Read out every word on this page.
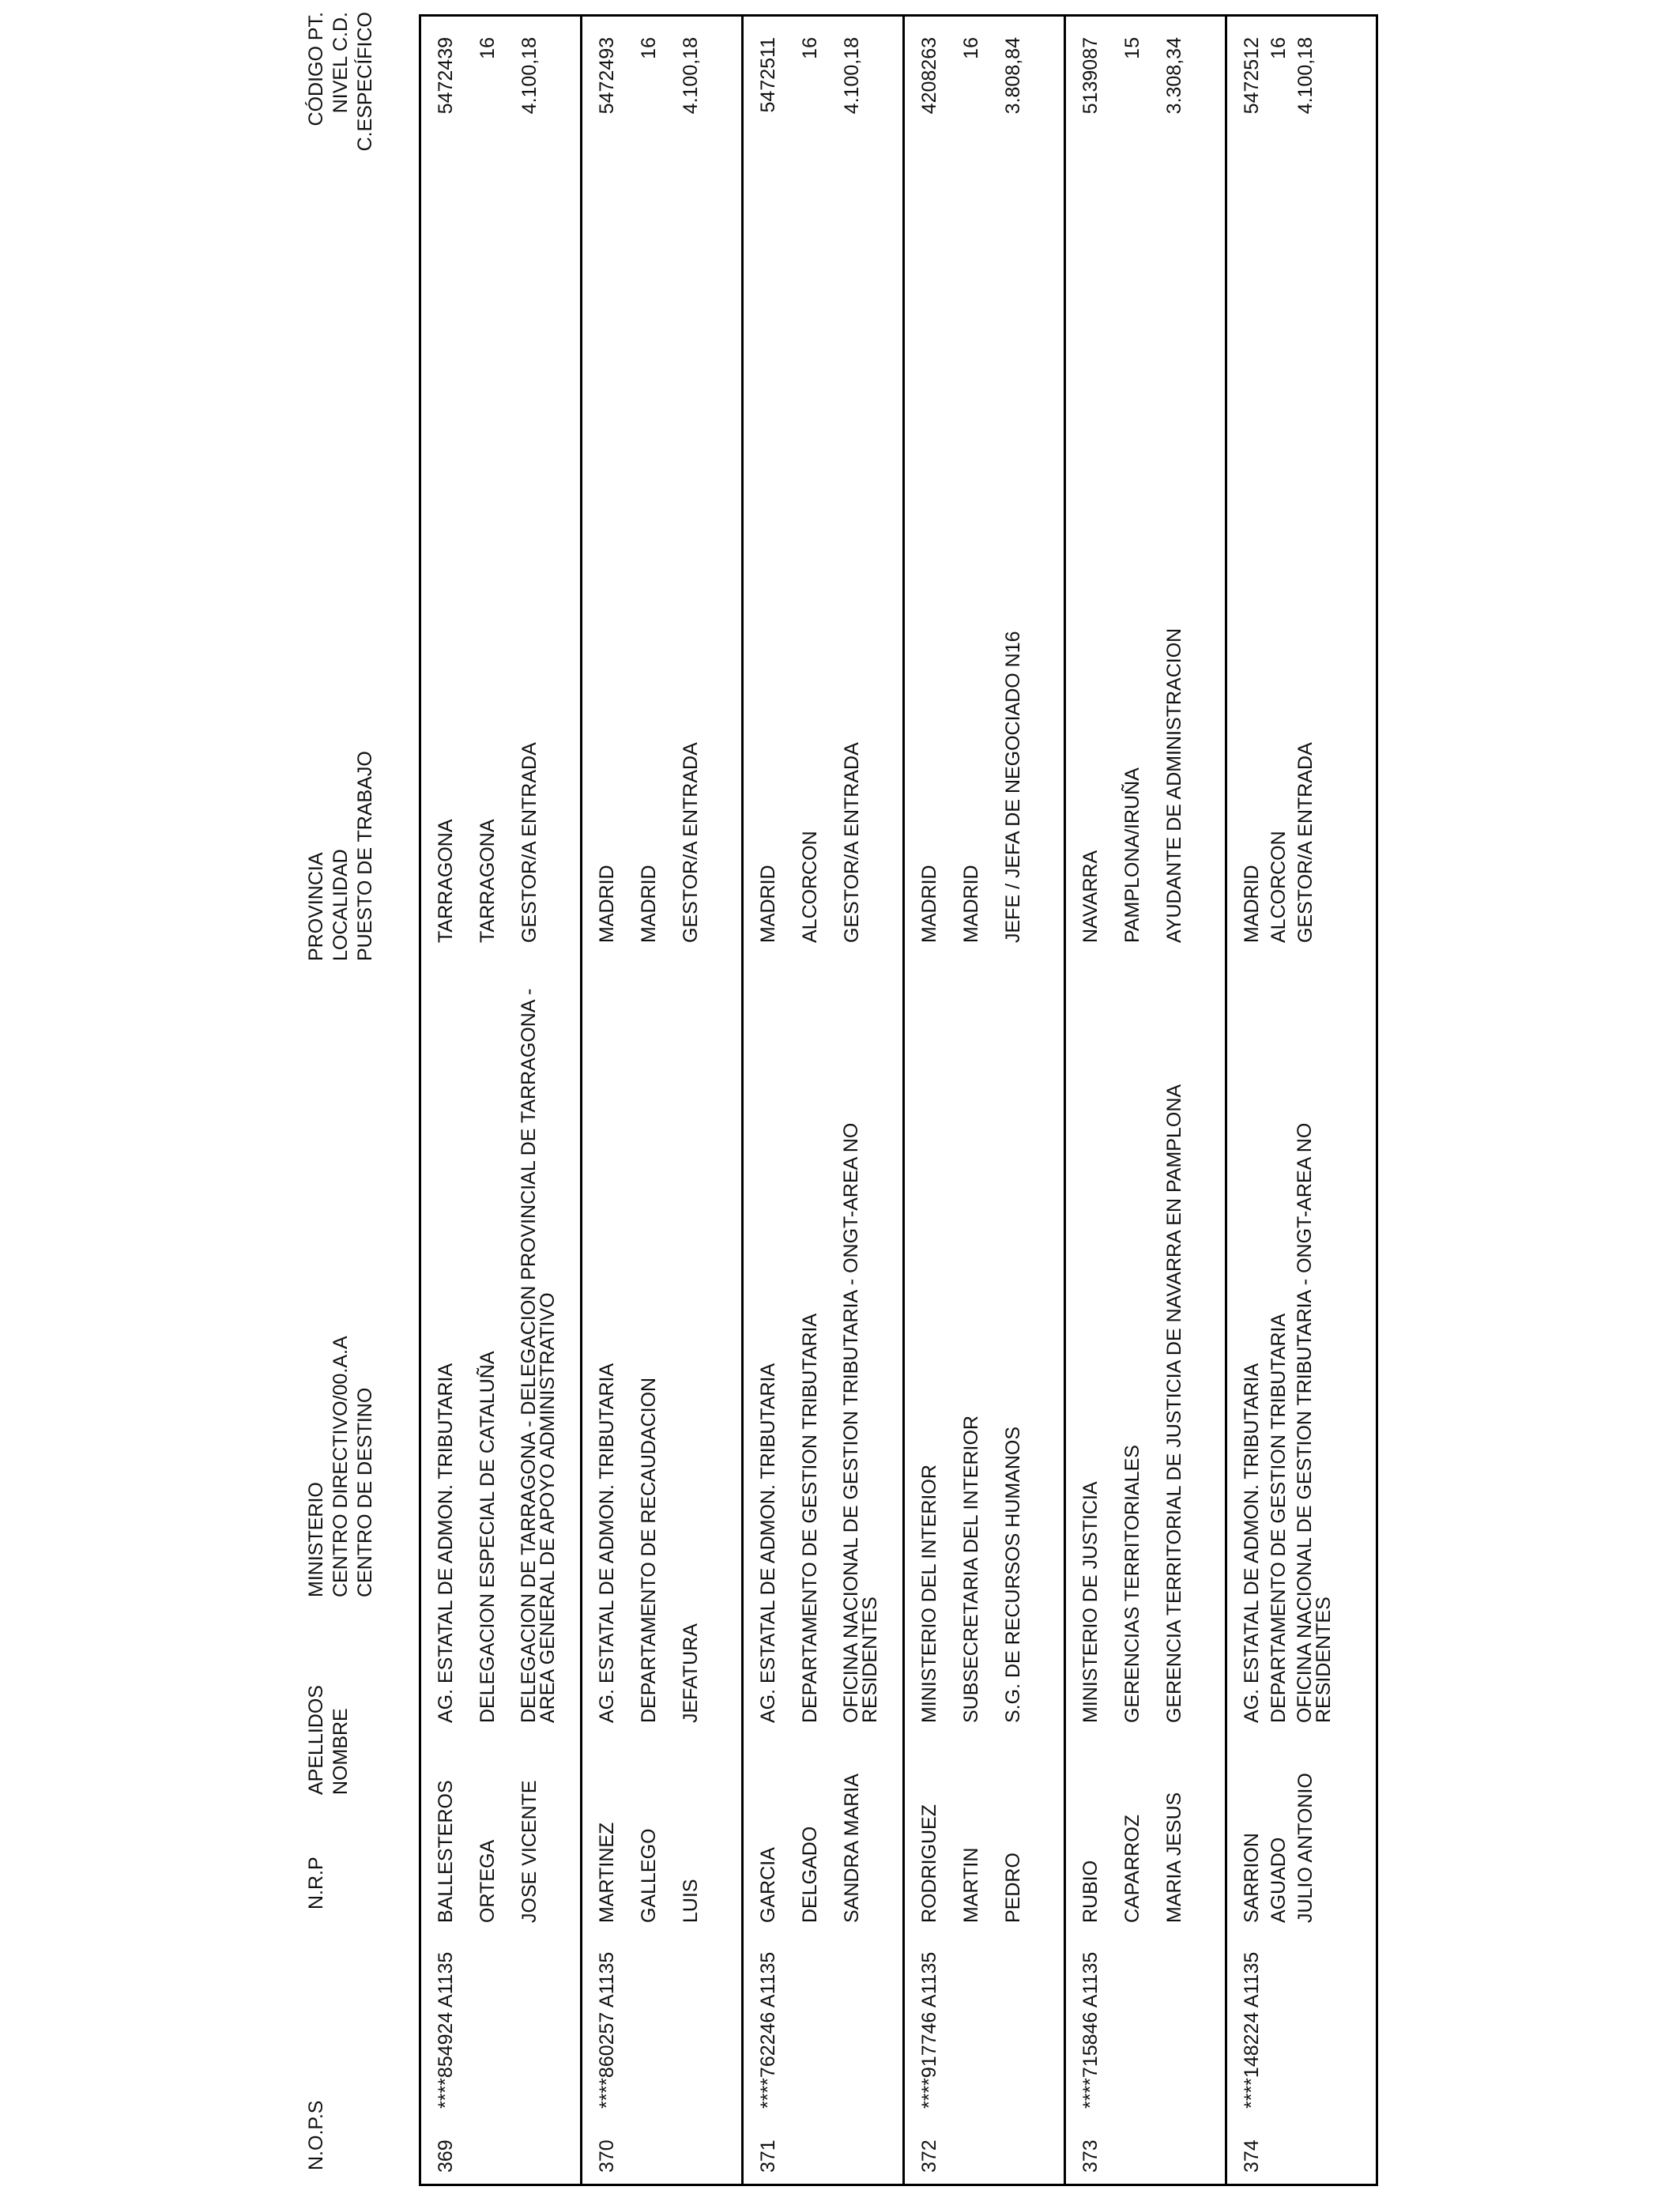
N.O.P.S
N.R.P
APELLIDOS
NOMBRE
MINISTERIO
CENTRO DIRECTIVO/00.A.A
CENTRO DE DESTINO
PROVINCIA
LOCALIDAD
PUESTO DE TRABAJO
CÓDIGO PT.
NIVEL C.D.
C.ESPECÍFICO
369
****854924 A1135
BALLESTEROS ORTEGA JOSE VICENTE
AG. ESTATAL DE ADMON. TRIBUTARIA DELEGACION ESPECIAL DE CATALUÑA DELEGACION DE TARRAGONA - DELEGACION PROVINCIAL DE TARRAGONA - AREA GENERAL DE APOYO ADMINISTRATIVO
TARRAGONA TARRAGONA GESTOR/A ENTRADA
5472439 16 4.100,18
370
****860257 A1135
MARTINEZ GALLEGO LUIS
AG. ESTATAL DE ADMON. TRIBUTARIA DEPARTAMENTO DE RECAUDACION JEFATURA
MADRID MADRID GESTOR/A ENTRADA
5472493 16 4.100,18
371
****762246 A1135
GARCIA DELGADO SANDRA MARIA
AG. ESTATAL DE ADMON. TRIBUTARIA DEPARTAMENTO DE GESTION TRIBUTARIA OFICINA NACIONAL DE GESTION TRIBUTARIA - ONGT-AREA NO RESIDENTES
MADRID ALCORCON GESTOR/A ENTRADA
5472511 16 4.100,18
372
****917746 A1135
RODRIGUEZ MARTIN PEDRO
MINISTERIO DEL INTERIOR SUBSECRETARIA DEL INTERIOR S.G. DE RECURSOS HUMANOS
MADRID MADRID JEFE / JEFA DE NEGOCIADO N16
4208263 16 3.808,84
373
****715846 A1135
RUBIO CAPARROZ MARIA JESUS
MINISTERIO DE JUSTICIA GERENCIAS TERRITORIALES GERENCIA TERRITORIAL DE JUSTICIA DE NAVARRA EN PAMPLONA
NAVARRA PAMPLONA/IRUÑA AYUDANTE DE ADMINISTRACION
5139087 15 3.308,34
374
****148224 A1135
SARRION AGUADO JULIO ANTONIO
AG. ESTATAL DE ADMON. TRIBUTARIA DEPARTAMENTO DE GESTION TRIBUTARIA OFICINA NACIONAL DE GESTION TRIBUTARIA - ONGT-AREA NO RESIDENTES
MADRID ALCORCON GESTOR/A ENTRADA
5472512 16 4.100,18
